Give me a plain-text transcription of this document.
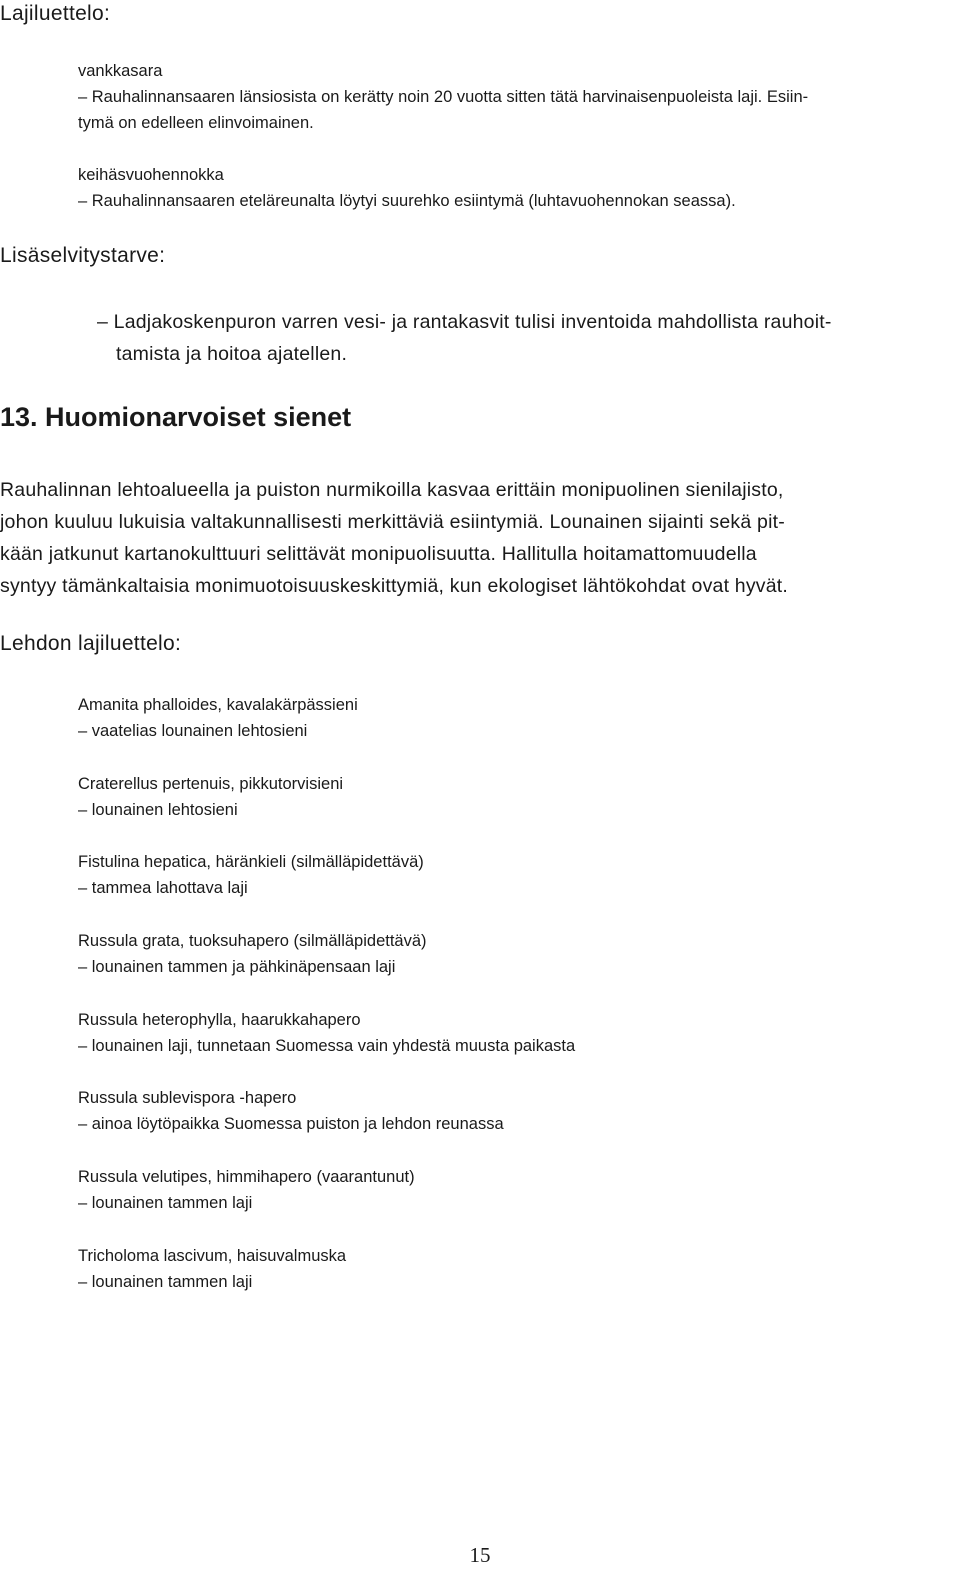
Lajiluettelo:

vankkasara

– Rauhalinnansaaren länsiosista on kerätty noin 20 vuotta sitten tätä harvinaisenpuoleista laji. Esiin-

tymä on edelleen elinvoimainen.

keihäsvuohennokka

– Rauhalinnansaaren eteläreunalta löytyi suurehko esiintymä (luhtavuohennokan seassa).

Lisäselvitystarve:

– Ladjakoskenpuron varren vesi- ja rantakasvit tulisi inventoida mahdollista rauhoit-

tamista ja hoitoa ajatellen.

13. Huomionarvoiset sienet
Rauhalinnan lehtoalueella ja puiston nurmikoilla kasvaa erittäin monipuolinen sienilajisto,
johon kuuluu lukuisia valtakunnallisesti merkittäviä esiintymiä. Lounainen sijainti sekä pit-
kään jatkunut kartanokulttuuri selittävät monipuolisuutta. Hallitulla hoitamattomuudella
syntyy tämänkaltaisia monimuotoisuuskeskittymiä, kun ekologiset lähtökohdat ovat hyvät.
Lehdon lajiluettelo:

Amanita phalloides, kavalakärpässieni

– vaatelias lounainen lehtosieni

Craterellus pertenuis, pikkutorvisieni

– lounainen lehtosieni

Fistulina hepatica, häränkieli (silmälläpidettävä)

– tammea lahottava laji

Russula grata, tuoksuhapero (silmälläpidettävä)

– lounainen tammen ja pähkinäpensaan laji

Russula heterophylla, haarukkahapero

– lounainen laji, tunnetaan Suomessa vain yhdestä muusta paikasta

Russula sublevispora -hapero

– ainoa löytöpaikka Suomessa puiston ja lehdon reunassa

Russula velutipes, himmihapero (vaarantunut)

– lounainen tammen laji

Tricholoma lascivum, haisuvalmuska

– lounainen tammen laji

15
